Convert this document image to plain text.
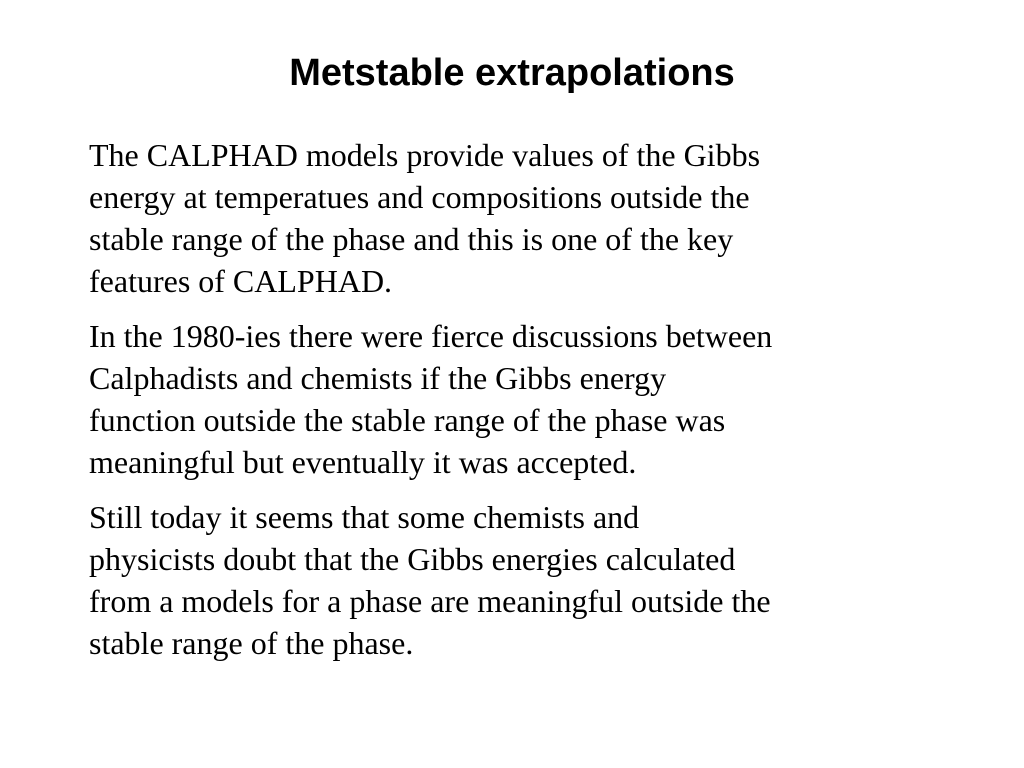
Metstable extrapolations

The CALPHAD models provide values of the Gibbs
energy at temperatues and compositions outside the
stable range of the phase and this is one of the key
features of CALPHAD.

In the 1980-ies there were fierce discussions between
Calphadists and chemists if the Gibbs energy
function outside the stable range of the phase was
meaningful but eventually it was accepted.

Still today it seems that some chemists and
physicists doubt that the Gibbs energies calculated
from a models for a phase are meaningful outside the
stable range of the phase.
